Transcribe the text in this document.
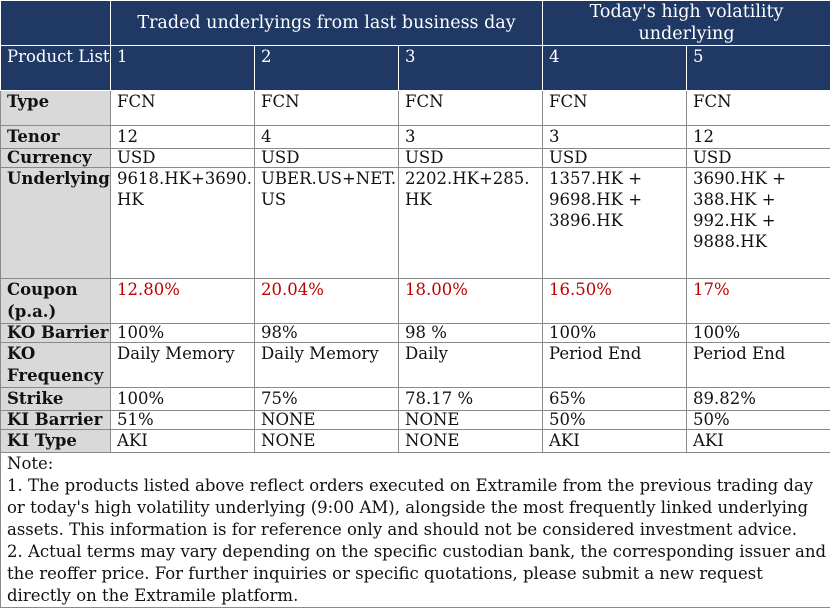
	Traded underlyings from last business day			Today's high volatility underlying	
Product List	1	2	3	4	5
Type	FCN	FCN	FCN	FCN	FCN
Tenor	12	4	3	3	12
Currency	USD	USD	USD	USD	USD
Underlying	9618.HK+3690.HK	UBER.US+NET.US	2202.HK+285.HK	1357.HK + 9698.HK + 3896.HK	3690.HK + 388.HK + 992.HK + 9888.HK
Coupon (p.a.)	12.80%	20.04%	18.00%	16.50%	17%
KO Barrier	100%	98%	98 %	100%	100%
KO Frequency	Daily Memory	Daily Memory	Daily	Period End	Period End
Strike	100%	75%	78.17 %	65%	89.82%
KI Barrier	51%	NONE	NONE	50%	50%
KI Type	AKI	NONE	NONE	AKI	AKI

Note:
1. The products listed above reflect orders executed on Extramile from the previous trading day or today's high volatility underlying (9:00 AM), alongside the most frequently linked underlying assets. This information is for reference only and should not be considered investment advice.
2. Actual terms may vary depending on the specific custodian bank, the corresponding issuer and the reoffer price. For further inquiries or specific quotations, please submit a new request directly on the Extramile platform.					
